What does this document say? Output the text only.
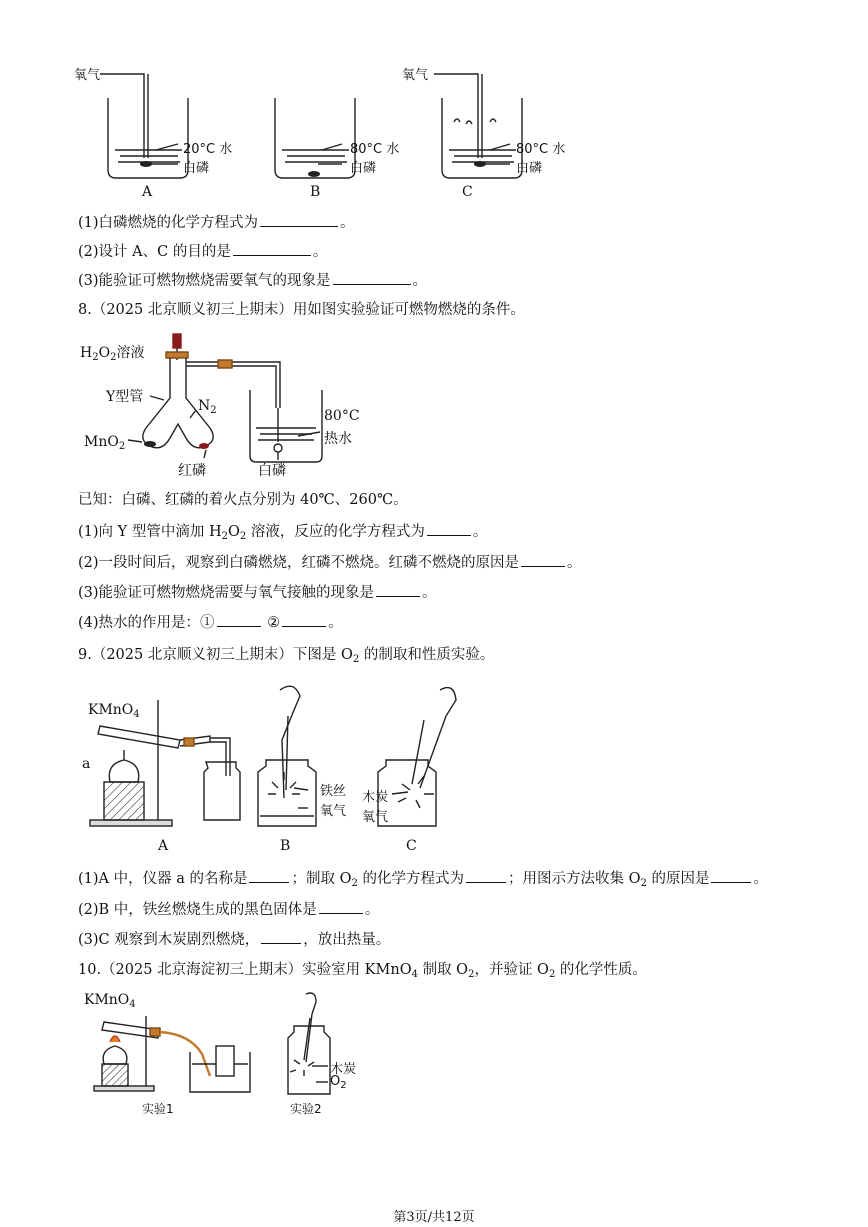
氧气	氧气
20°C 水
白磷
80°C 水
白磷
80°C 水
白磷
A	B	C
(1)白磷燃烧的化学方程式为	。
(2)设计 A、C 的目的是	。
(3)能验证可燃物燃烧需要氧气的现象是	。
8.（2025 北京顺义初三上期末）用如图实验验证可燃物燃烧的条件。
$H_2O_2$溶液
Y型管
$N_2$
MnO$_2$
红磷	白磷
80°C
热水
已知：白磷、红磷的着火点分别为 40℃、260℃。
(1)向 Y 型管中滴加 $H_2O_2$ 溶液，反应的化学方程式为	。
(2)一段时间后，观察到白磷燃烧，红磷不燃烧。红磷不燃烧的原因是	。
(3)能验证可燃物燃烧需要与氧气接触的现象是	。
(4)热水的作用是：①	②	。
9.（2025 北京顺义初三上期末）下图是 $O_2$ 的制取和性质实验。
KMnO$_4$
a
铁丝
氧气
木炭
氧气
A	B	C
(1)A 中，仪器 a 的名称是	；制取 $O_2$ 的化学方程式为	；用图示方法收集 $O_2$ 的原因是	。
(2)B 中，铁丝燃烧生成的黑色固体是	。
(3)C 观察到木炭剧烈燃烧，	，放出热量。
10.（2025 北京海淀初三上期末）实验室用 KMnO$_4$ 制取 $O_2$，并验证 $O_2$ 的化学性质。
KMnO$_4$
木炭
$O_2$
实验1	实验2
第3页/共12页
